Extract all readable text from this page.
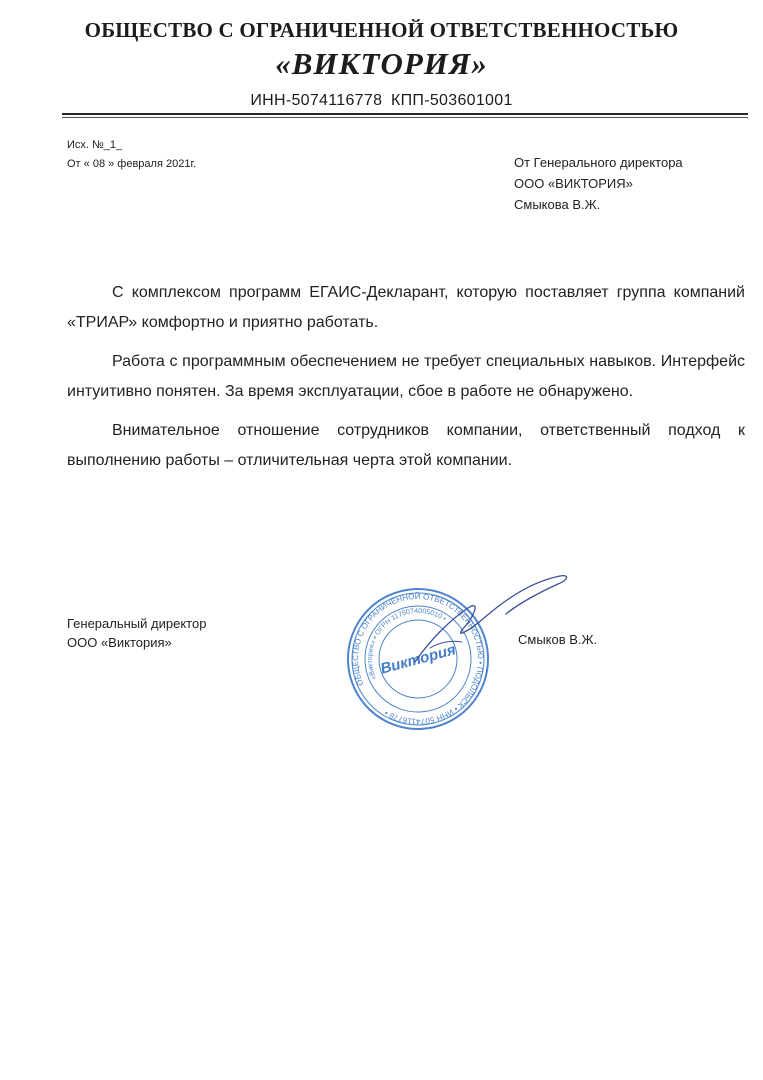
ОБЩЕСТВО С ОГРАНИЧЕННОЙ ОТВЕТСТВЕННОСТЬЮ
«ВИКТОРИЯ»
ИНН-5074116778 КПП-503601001
Исх. №_1_
От « 08 » февраля 2021г.	От Генерального директора
ООО «ВИКТОРИЯ»
Смыкова В.Ж.

С комплексом программ ЕГАИС-Декларант, которую поставляет группа компаний «ТРИАР» комфортно и приятно работать.

Работа с программным обеспечением не требует специальных навыков. Интерфейс интуитивно понятен. За время эксплуатации, сбое в работе не обнаружено.

Внимательное отношение сотрудников компании, ответственный подход к выполнению работы – отличительная черта этой компании.

Генеральный директор
ООО «Виктория»	Смыков В.Ж.
ОБЩЕСТВО С ОГРАНИЧЕННОЙ ОТВЕТСТВЕННОСТЬЮ • ПОДОЛЬСК • ИНН 5074116778 •
«Виктория» • ОГРН 1175074005010 •
Виктория
